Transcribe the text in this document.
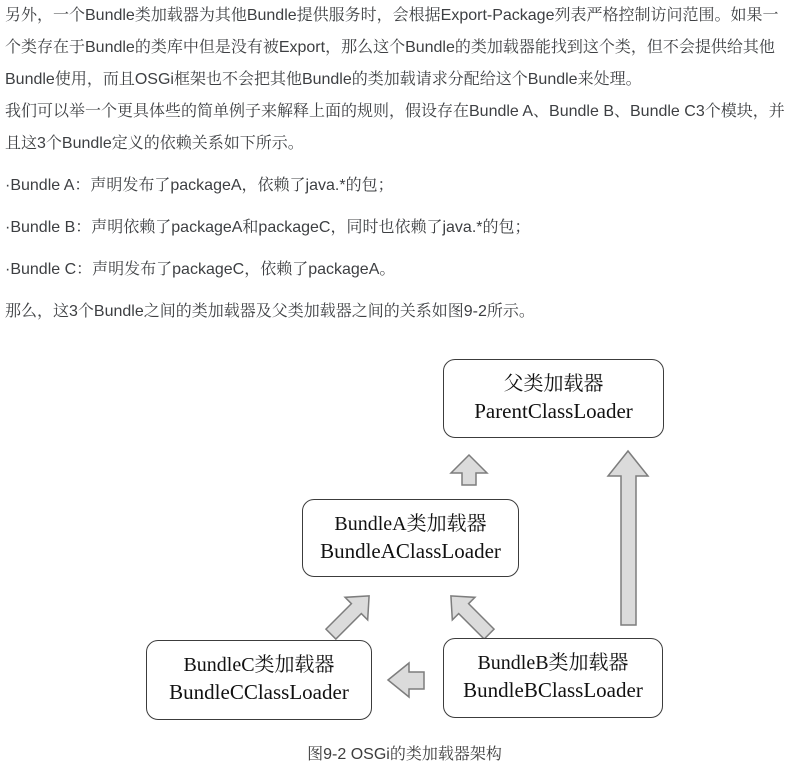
另外，一个Bundle类加载器为其他Bundle提供服务时，会根据Export-Package列表严格控制访问范围。如果一
个类存在于Bundle的类库中但是没有被Export，那么这个Bundle的类加载器能找到这个类，但不会提供给其他
Bundle使用，而且OSGi框架也不会把其他Bundle的类加载请求分配给这个Bundle来处理。

我们可以举一个更具体些的简单例子来解释上面的规则，假设存在Bundle A、Bundle B、Bundle C3个模块，并
且这3个Bundle定义的依赖关系如下所示。

·Bundle A：声明发布了packageA，依赖了java.*的包；

·Bundle B：声明依赖了packageA和packageC，同时也依赖了java.*的包；

·Bundle C：声明发布了packageC，依赖了packageA。

那么，这3个Bundle之间的类加载器及父类加载器之间的关系如图9-2所示。

父类加载器
ParentClassLoader
BundleA类加载器
BundleAClassLoader
BundleC类加载器
BundleCClassLoader
BundleB类加载器
BundleBClassLoader
图9-2 OSGi的类加载器架构
